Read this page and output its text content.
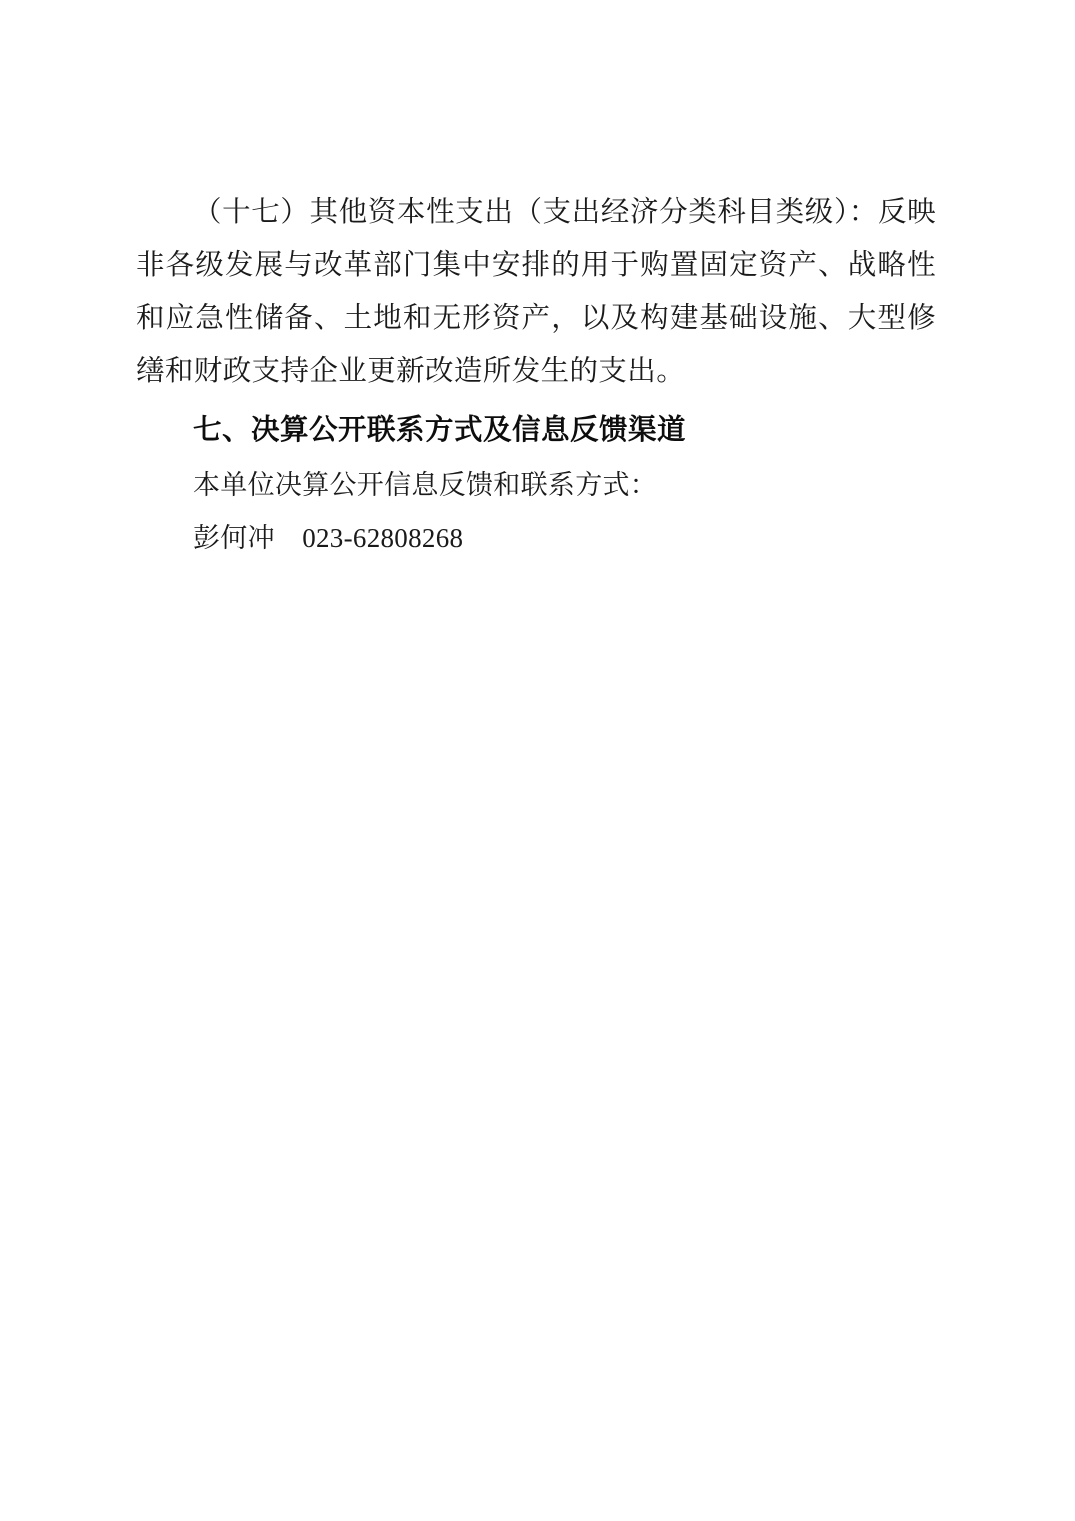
（十七）其他资本性支出（支出经济分类科目类级）：反映非各级发展与改革部门集中安排的用于购置固定资产、战略性和应急性储备、土地和无形资产，以及构建基础设施、大型修缮和财政支持企业更新改造所发生的支出。

七、决算公开联系方式及信息反馈渠道

本单位决算公开信息反馈和联系方式：

彭何冲　023-62808268
